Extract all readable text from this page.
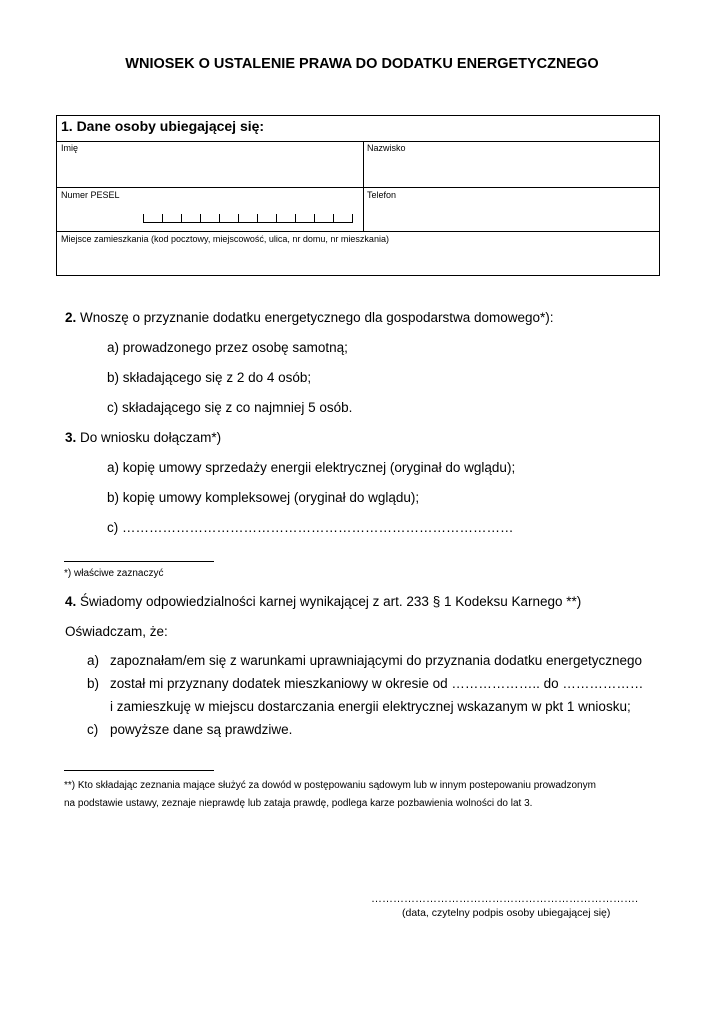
WNIOSEK O USTALENIE PRAWA DO DODATKU ENERGETYCZNEGO
1. Dane osoby ubiegającej się:
Imię	Nazwisko
Numer PESEL	Telefon
Miejsce zamieszkania (kod pocztowy, miejscowość, ulica, nr domu, nr mieszkania)
2. Wnoszę o przyznanie dodatku energetycznego dla gospodarstwa domowego*):
a) prowadzonego przez osobę samotną;
b) składającego się z 2 do 4 osób;
c) składającego się z co najmniej 5 osób.
3. Do wniosku dołączam*)
a) kopię umowy sprzedaży energii elektrycznej (oryginał do wglądu);
b) kopię umowy kompleksowej (oryginał do wglądu);
c) ……………………………………………………………………………
*) właściwe zaznaczyć
4. Świadomy odpowiedzialności karnej wynikającej z art. 233 § 1 Kodeksu Karnego **)
Oświadczam, że:
a) zapoznałam/em się z warunkami uprawniającymi do przyznania dodatku energetycznego
b) został mi przyznany dodatek mieszkaniowy w okresie od ……………….. do ………………
i zamieszkuję w miejscu dostarczania energii elektrycznej wskazanym w pkt 1 wniosku;
c) powyższe dane są prawdziwe.
**) Kto składając zeznania mające służyć za dowód w postępowaniu sądowym lub w innym postepowaniu prowadzonym
na podstawie ustawy, zeznaje nieprawdę lub zataja prawdę, podlega karze pozbawienia wolności do lat 3.
……………………………………………………………….
(data, czytelny podpis osoby ubiegającej się)
